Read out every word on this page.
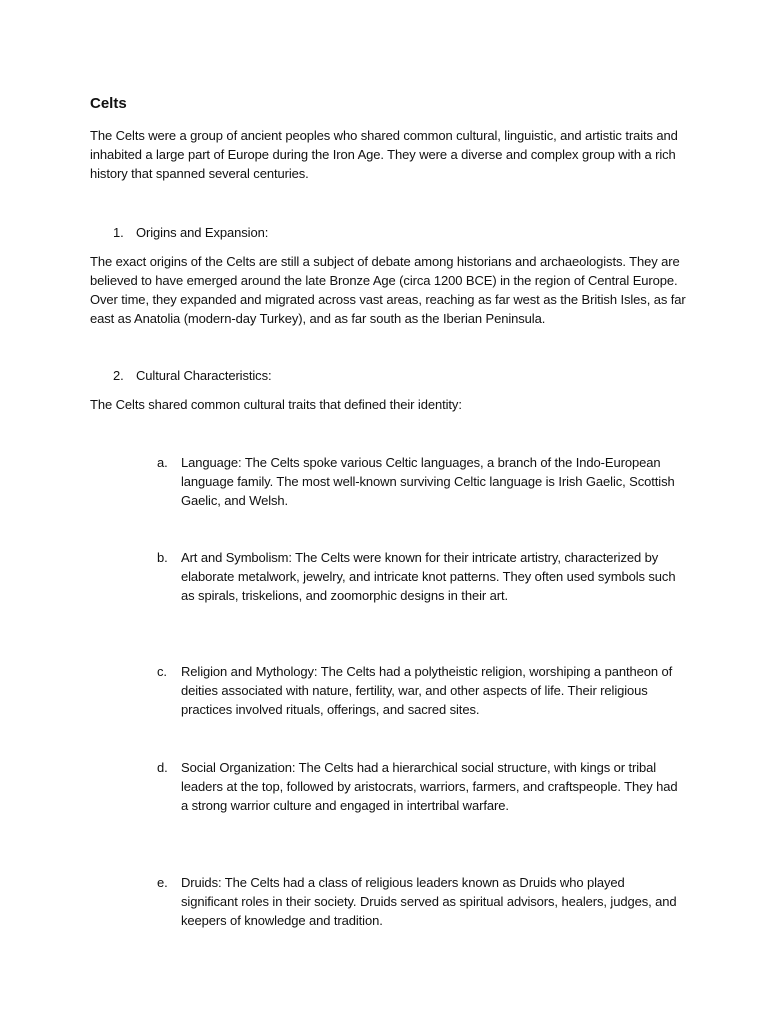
Celts

The Celts were a group of ancient peoples who shared common cultural, linguistic, and artistic traits and inhabited a large part of Europe during the Iron Age. They were a diverse and complex group with a rich history that spanned several centuries.

1. Origins and Expansion:

The exact origins of the Celts are still a subject of debate among historians and archaeologists. They are believed to have emerged around the late Bronze Age (circa 1200 BCE) in the region of Central Europe. Over time, they expanded and migrated across vast areas, reaching as far west as the British Isles, as far east as Anatolia (modern-day Turkey), and as far south as the Iberian Peninsula.

2. Cultural Characteristics:

The Celts shared common cultural traits that defined their identity:

a.	Language: The Celts spoke various Celtic languages, a branch of the Indo-European language family. The most well-known surviving Celtic language is Irish Gaelic, Scottish Gaelic, and Welsh.
b.	Art and Symbolism: The Celts were known for their intricate artistry, characterized by elaborate metalwork, jewelry, and intricate knot patterns. They often used symbols such as spirals, triskelions, and zoomorphic designs in their art.
c.	Religion and Mythology: The Celts had a polytheistic religion, worshiping a pantheon of deities associated with nature, fertility, war, and other aspects of life. Their religious practices involved rituals, offerings, and sacred sites.
d.	Social Organization: The Celts had a hierarchical social structure, with kings or tribal leaders at the top, followed by aristocrats, warriors, farmers, and craftspeople. They had a strong warrior culture and engaged in intertribal warfare.
e.	Druids: The Celts had a class of religious leaders known as Druids who played significant roles in their society. Druids served as spiritual advisors, healers, judges, and keepers of knowledge and tradition.
